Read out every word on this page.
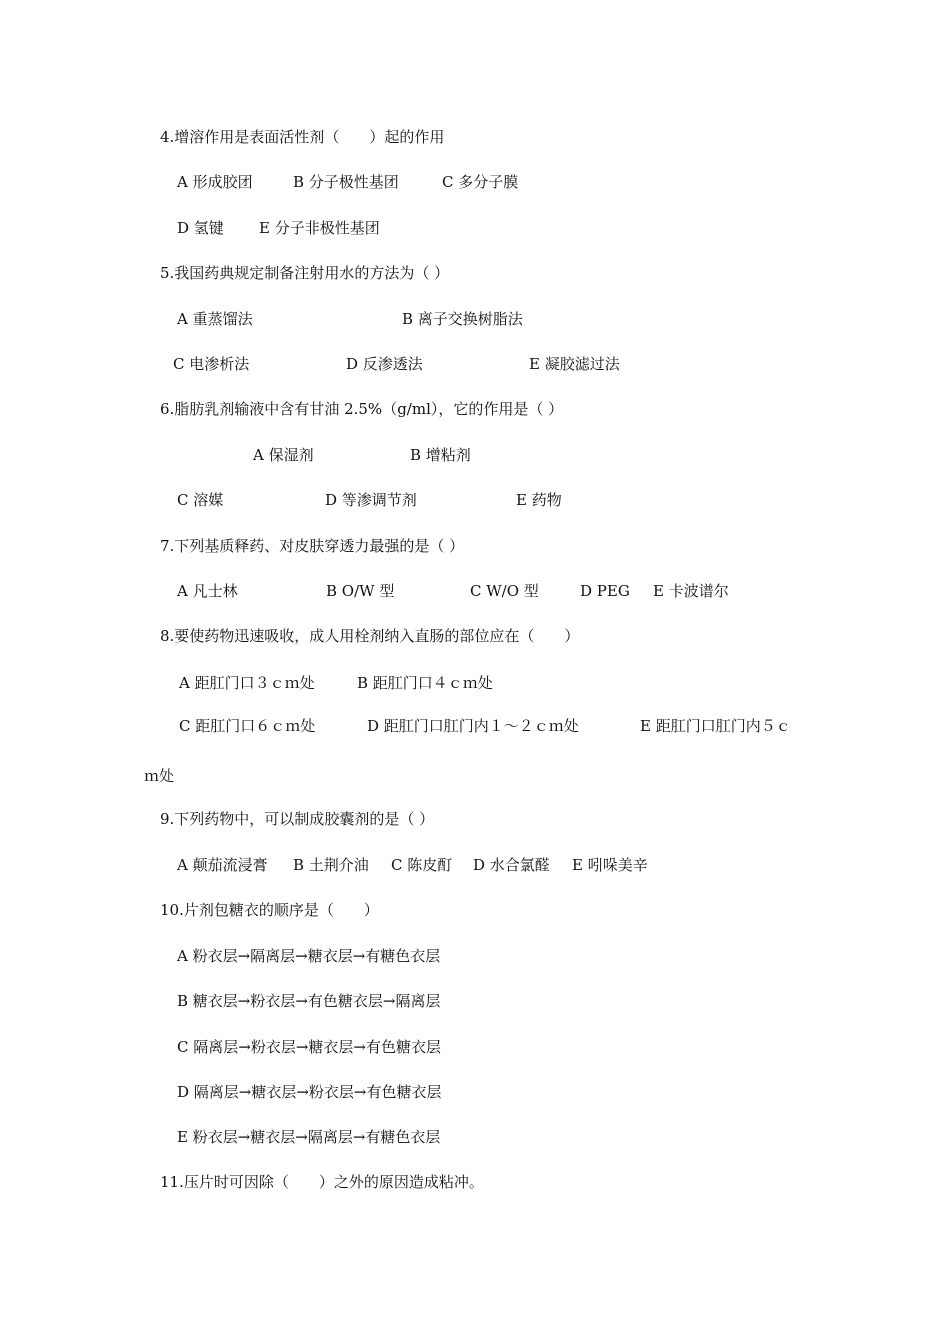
4.增溶作用是表面活性剂（　　）起的作用
A 形成胶团	B 分子极性基团	C 多分子膜
D 氢键 E 分子非极性基团
5.我国药典规定制备注射用水的方法为（ ）
A 重蒸馏法	B 离子交换树脂法
C 电渗析法	D 反渗透法	E 凝胶滤过法
6.脂肪乳剂输液中含有甘油 2.5%（g/ml），它的作用是（ ）
A 保湿剂	B 增粘剂
C 溶媒	D 等渗调节剂	E 药物
7.下列基质释药、对皮肤穿透力最强的是（ ）
A 凡士林	B O/W 型	C W/O 型	D PEG E 卡波谱尔
8.要使药物迅速吸收，成人用栓剂纳入直肠的部位应在（　　）
A 距肛门口３ｃｍ处	B 距肛门口４ｃｍ处
C 距肛门口６ｃｍ处	D 距肛门口肛门内１～２ｃｍ处	E 距肛门口肛门内５ｃ
ｍ处
9.下列药物中，可以制成胶囊剂的是（ ）
A 颠茄流浸膏 B 土荆介油 C 陈皮酊 D 水合氯醛 E 吲哚美辛
10.片剂包糖衣的顺序是（　　）
A 粉衣层→隔离层→糖衣层→有糖色衣层
B 糖衣层→粉衣层→有色糖衣层→隔离层
C 隔离层→粉衣层→糖衣层→有色糖衣层
D 隔离层→糖衣层→粉衣层→有色糖衣层
E 粉衣层→糖衣层→隔离层→有糖色衣层
11.压片时可因除（　　）之外的原因造成粘冲。
